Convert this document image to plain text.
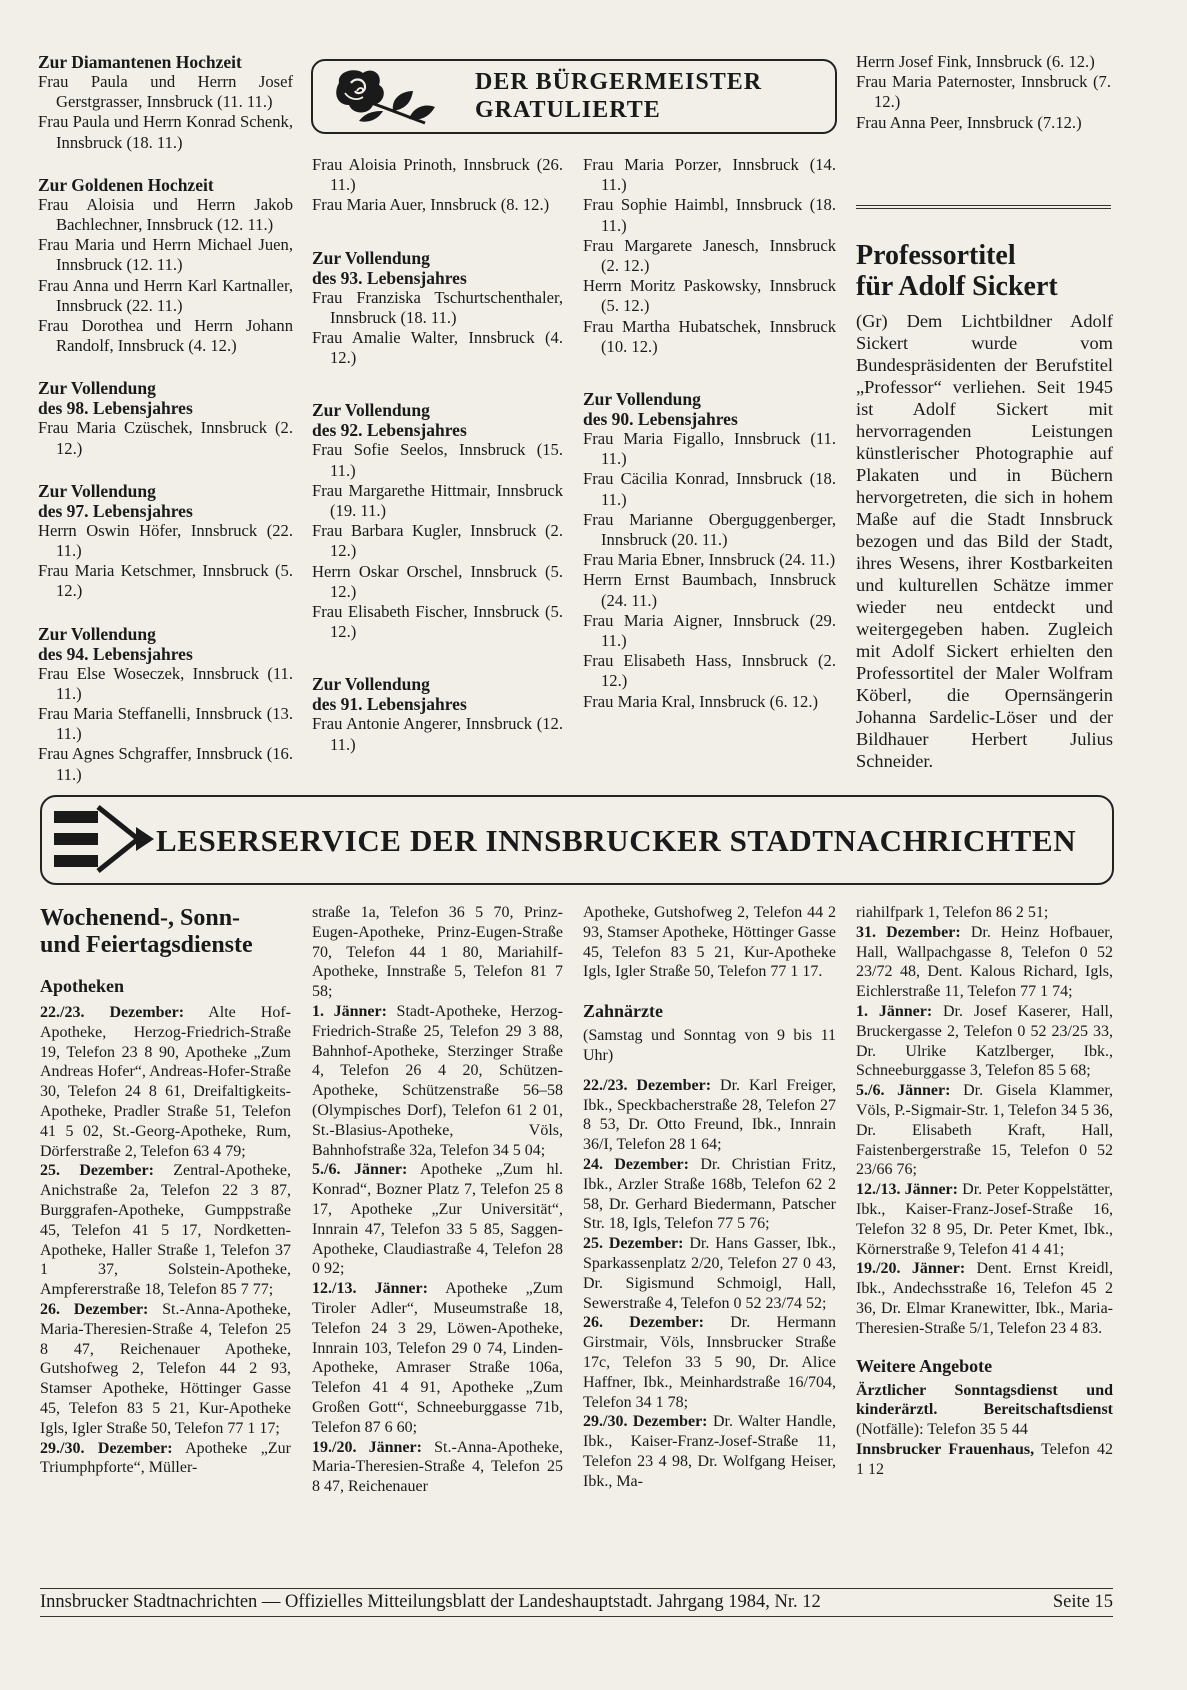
Zur Diamantenen Hochzeit

Frau Paula und Herrn Josef Gerstgrasser, Innsbruck (11. 11.)

Frau Paula und Herrn Konrad Schenk, Innsbruck (18. 11.)

Zur Goldenen Hochzeit

Frau Aloisia und Herrn Jakob Bachlechner, Innsbruck (12. 11.)

Frau Maria und Herrn Michael Juen, Innsbruck (12. 11.)

Frau Anna und Herrn Karl Kartnaller, Innsbruck (22. 11.)

Frau Dorothea und Herrn Johann Randolf, Innsbruck (4. 12.)

Zur Vollendung

des 98. Lebensjahres

Frau Maria Czüschek, Innsbruck (2. 12.)

Zur Vollendung

des 97. Lebensjahres

Herrn Oswin Höfer, Innsbruck (22. 11.)

Frau Maria Ketschmer, Innsbruck (5. 12.)

Zur Vollendung

des 94. Lebensjahres

Frau Else Woseczek, Innsbruck (11. 11.)

Frau Maria Steffanelli, Innsbruck (13. 11.)

Frau Agnes Schgraffer, Innsbruck (16. 11.)

DER BÜRGERMEISTER
GRATULIERTE

Frau Aloisia Prinoth, Innsbruck (26. 11.)

Frau Maria Auer, Innsbruck (8. 12.)

Zur Vollendung

des 93. Lebensjahres

Frau Franziska Tschurtschenthaler, Innsbruck (18. 11.)

Frau Amalie Walter, Innsbruck (4. 12.)

Zur Vollendung

des 92. Lebensjahres

Frau Sofie Seelos, Innsbruck (15. 11.)

Frau Margarethe Hittmair, Innsbruck (19. 11.)

Frau Barbara Kugler, Innsbruck (2. 12.)

Herrn Oskar Orschel, Innsbruck (5. 12.)

Frau Elisabeth Fischer, Innsbruck (5. 12.)

Zur Vollendung

des 91. Lebensjahres

Frau Antonie Angerer, Innsbruck (12. 11.)

Frau Maria Porzer, Innsbruck (14. 11.)

Frau Sophie Haimbl, Innsbruck (18. 11.)

Frau Margarete Janesch, Innsbruck (2. 12.)

Herrn Moritz Paskowsky, Innsbruck (5. 12.)

Frau Martha Hubatschek, Innsbruck (10. 12.)

Zur Vollendung

des 90. Lebensjahres

Frau Maria Figallo, Innsbruck (11. 11.)

Frau Cäcilia Konrad, Innsbruck (18. 11.)

Frau Marianne Oberguggenberger, Innsbruck (20. 11.)

Frau Maria Ebner, Innsbruck (24. 11.)

Herrn Ernst Baumbach, Innsbruck (24. 11.)

Frau Maria Aigner, Innsbruck (29. 11.)

Frau Elisabeth Hass, Innsbruck (2. 12.)

Frau Maria Kral, Innsbruck (6. 12.)

Herrn Josef Fink, Innsbruck (6. 12.)

Frau Maria Paternoster, Innsbruck (7. 12.)

Frau Anna Peer, Innsbruck (7.12.)

Professortitel
für Adolf Sickert

(Gr) Dem Lichtbildner Adolf Sickert wurde vom Bundespräsidenten der Berufstitel „Professor“ verliehen. Seit 1945 ist Adolf Sickert mit hervorragenden Leistungen künstlerischer Photographie auf Plakaten und in Büchern hervorgetreten, die sich in hohem Maße auf die Stadt Innsbruck bezogen und das Bild der Stadt, ihres Wesens, ihrer Kostbarkeiten und kulturellen Schätze immer wieder neu entdeckt und weitergegeben haben. Zugleich mit Adolf Sickert erhielten den Professortitel der Maler Wolfram Köberl, die Opernsängerin Johanna Sardelic-Löser und der Bildhauer Herbert Julius Schneider.

LESERSERVICE DER INNSBRUCKER STADTNACHRICHTEN
Wochenend-, Sonn-
und Feiertagsdienste
Apotheken

22./23. Dezember: Alte Hof-Apotheke, Herzog-Friedrich-Straße 19, Telefon 23 8 90, Apotheke „Zum Andreas Hofer“, Andreas-Hofer-Straße 30, Telefon 24 8 61, Dreifaltigkeits-Apotheke, Pradler Straße 51, Telefon 41 5 02, St.-Georg-Apotheke, Rum, Dörferstraße 2, Telefon 63 4 79;

25. Dezember: Zentral-Apotheke, Anichstraße 2a, Telefon 22 3 87, Burggrafen-Apotheke, Gumppstraße 45, Telefon 41 5 17, Nordketten-Apotheke, Haller Straße 1, Telefon 37 1 37, Solstein-Apotheke, Ampfererstraße 18, Telefon 85 7 77;

26. Dezember: St.-Anna-Apotheke, Maria-Theresien-Straße 4, Telefon 25 8 47, Reichenauer Apotheke, Gutshofweg 2, Telefon 44 2 93, Stamser Apotheke, Höttinger Gasse 45, Telefon 83 5 21, Kur-Apotheke Igls, Igler Straße 50, Telefon 77 1 17;

29./30. Dezember: Apotheke „Zur Triumphpforte“, Müller-

straße 1a, Telefon 36 5 70, Prinz-Eugen-Apotheke, Prinz-Eugen-Straße 70, Telefon 44 1 80, Mariahilf-Apotheke, Innstraße 5, Telefon 81 7 58;

1. Jänner: Stadt-Apotheke, Herzog-Friedrich-Straße 25, Telefon 29 3 88, Bahnhof-Apotheke, Sterzinger Straße 4, Telefon 26 4 20, Schützen-Apotheke, Schützenstraße 56–58 (Olympisches Dorf), Telefon 61 2 01, St.-Blasius-Apotheke, Völs, Bahnhofstraße 32a, Telefon 34 5 04;

5./6. Jänner: Apotheke „Zum hl. Konrad“, Bozner Platz 7, Telefon 25 8 17, Apotheke „Zur Universität“, Innrain 47, Telefon 33 5 85, Saggen-Apotheke, Claudiastraße 4, Telefon 28 0 92;

12./13. Jänner: Apotheke „Zum Tiroler Adler“, Museumstraße 18, Telefon 24 3 29, Löwen-Apotheke, Innrain 103, Telefon 29 0 74, Linden-Apotheke, Amraser Straße 106a, Telefon 41 4 91, Apotheke „Zum Großen Gott“, Schneeburggasse 71b, Telefon 87 6 60;

19./20. Jänner: St.-Anna-Apotheke, Maria-Theresien-Straße 4, Telefon 25 8 47, Reichenauer

Apotheke, Gutshofweg 2, Telefon 44 2 93, Stamser Apotheke, Höttinger Gasse 45, Telefon 83 5 21, Kur-Apotheke Igls, Igler Straße 50, Telefon 77 1 17.

Zahnärzte

(Samstag und Sonntag von 9 bis 11 Uhr)

22./23. Dezember: Dr. Karl Freiger, Ibk., Speckbacherstraße 28, Telefon 27 8 53, Dr. Otto Freund, Ibk., Innrain 36/I, Telefon 28 1 64;

24. Dezember: Dr. Christian Fritz, Ibk., Arzler Straße 168b, Telefon 62 2 58, Dr. Gerhard Biedermann, Patscher Str. 18, Igls, Telefon 77 5 76;

25. Dezember: Dr. Hans Gasser, Ibk., Sparkassenplatz 2/20, Telefon 27 0 43, Dr. Sigismund Schmoigl, Hall, Sewerstraße 4, Telefon 0 52 23/74 52;

26. Dezember: Dr. Hermann Girstmair, Völs, Innsbrucker Straße 17c, Telefon 33 5 90, Dr. Alice Haffner, Ibk., Meinhardstraße 16/704, Telefon 34 1 78;

29./30. Dezember: Dr. Walter Handle, Ibk., Kaiser-Franz-Josef-Straße 11, Telefon 23 4 98, Dr. Wolfgang Heiser, Ibk., Ma-

riahilfpark 1, Telefon 86 2 51;

31. Dezember: Dr. Heinz Hofbauer, Hall, Wallpachgasse 8, Telefon 0 52 23/72 48, Dent. Kalous Richard, Igls, Eichlerstraße 11, Telefon 77 1 74;

1. Jänner: Dr. Josef Kaserer, Hall, Bruckergasse 2, Telefon 0 52 23/25 33, Dr. Ulrike Katzlberger, Ibk., Schneeburggasse 3, Telefon 85 5 68;

5./6. Jänner: Dr. Gisela Klammer, Völs, P.-Sigmair-Str. 1, Telefon 34 5 36, Dr. Elisabeth Kraft, Hall, Faistenbergerstraße 15, Telefon 0 52 23/66 76;

12./13. Jänner: Dr. Peter Koppelstätter, Ibk., Kaiser-Franz-Josef-Straße 16, Telefon 32 8 95, Dr. Peter Kmet, Ibk., Körnerstraße 9, Telefon 41 4 41;

19./20. Jänner: Dent. Ernst Kreidl, Ibk., Andechsstraße 16, Telefon 45 2 36, Dr. Elmar Kranewitter, Ibk., Maria-Theresien-Straße 5/1, Telefon 23 4 83.

Weitere Angebote

Ärztlicher Sonntagsdienst und kinderärztl. Bereitschaftsdienst (Notfälle): Telefon 35 5 44

Innsbrucker Frauenhaus, Telefon 42 1 12

Innsbrucker Stadtnachrichten — Offizielles Mitteilungsblatt der Landeshauptstadt. Jahrgang 1984, Nr. 12	Seite 15
